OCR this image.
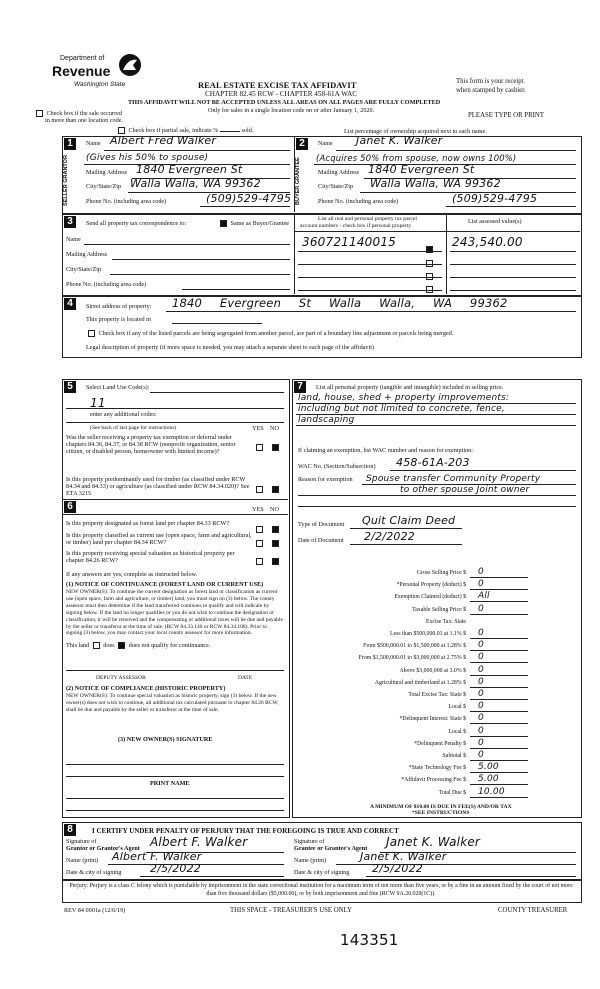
Department of
Revenue
Washington State	REAL ESTATE EXCISE TAX AFFIDAVIT
CHAPTER 82.45 RCW - CHAPTER 458-61A WAC
This form is your receipt
when stamped by cashier.
THIS AFFIDAVIT WILL NOT BE ACCEPTED UNLESS ALL AREAS ON ALL PAGES ARE FULLY COMPLETED
Only for sales in a single location code on or after January 1, 2020.
PLEASE TYPE OR PRINT
Check box if the sale occurred
in more than one location code.
Check box if partial sale, indicate %	sold.	List percentage of ownership acquired next to each name.
1
SELLER GRANTOR
Name Albert Fred Walker
(Gives his 50% to spouse)
Mailing Address 1840 Evergreen St
City/State/Zip Walla Walla, WA 99362
Phone No. (including area code)	(509)529-4795
2
BUYER GRANTEE
Name Janet K. Walker
(Acquires 50% from spouse, now owns 100%)
Mailing Address 1840 Evergreen St
City/State/Zip Walla Walla, WA 99362
Phone No. (including area code)	(509)529-4795
3	Send all property tax correspondence to:	Same as Buyer/Grantee
List all real and personal property tax parcel
account numbers - check box if personal property
List assessed value(s)
360721140015	243,540.00
Name
Mailing Address
City/State/Zip
Phone No. (including area code)
4	Street address of property: 1840 Evergreen St Walla Walla, WA 99362
This property is located in
Check box if any of the listed parcels are being segregated from another parcel, are part of a boundary line adjustment or parcels being merged.
Legal description of property (if more space is needed, you may attach a separate sheet to each page of the affidavit)
5	Select Land Use Code(s):
11
enter any additional codes:
(See back of last page for instructions)	YES NO
Was the seller receiving a property tax exemption or deferral under chapters 84.36, 84.37, or 84.38 RCW (nonprofit organization, senior citizen, or disabled person, homeowner with limited income)?
Is this property predominantly used for timber (as classified under RCW 84.34 and 84.33) or agriculture (as classified under RCW 84.34.020)? See ETA 3215
6	YES NO
Is this property designated as forest land per chapter 84.33 RCW?
Is this property classified as current use (open space, farm and agricultural, or timber) land per chapter 84.34 RCW?
Is this property receiving special valuation as historical property per chapter 84.26 RCW?
If any answers are yes, complete as instructed below.
(1) NOTICE OF CONTINUANCE (FOREST LAND OR CURRENT USE)
NEW OWNER(S): To continue the current designation as forest land or classification as current use (open space, farm and agriculture, or timber) land, you must sign on (3) below. The county assessor must then determine if the land transferred continues to qualify and will indicate by signing below. If the land no longer qualifies or you do not wish to continue the designation or classification, it will be removed and the compensating or additional taxes will be due and payable by the seller or transferor at the time of sale. (RCW 84.33.140 or RCW 84.34.108). Prior to signing (3) below, you may contact your local county assessor for more information.
This land does does not qualify for continuance.
DEPUTY ASSESSOR	DATE
(2) NOTICE OF COMPLIANCE (HISTORIC PROPERTY)
NEW OWNER(S): To continue special valuation as historic property, sign (3) below. If the new owner(s) does not wish to continue, all additional tax calculated pursuant to chapter 84.26 RCW, shall be due and payable by the seller or transferor at the time of sale.
(3) NEW OWNER(S) SIGNATURE
PRINT NAME
7	List all personal property (tangible and intangible) included in selling price.
land, house, shed + property improvements:
including but not limited to concrete, fence,
landscaping
If claiming an exemption, list WAC number and reason for exemption:
WAC No. (Section/Subsection) 458-61A-203
Reason for exemption Spouse transfer Community Property
to other spouse Joint owner
Type of Document Quit Claim Deed
Date of Document 2/2/2022
Gross Selling Price $ 0
*Personal Property (deduct) $ 0
Exemption Claimed (deduct) $ All
Taxable Selling Price $ 0
Excise Tax: State
Less than $500,000.01 at 1.1% $ 0
From $500,000.01 to $1,500,000 at 1.28% $ 0
From $1,500,000.01 to $3,000,000 at 2.75% $ 0
Above $3,000,000 at 3.0% $ 0
Agricultural and timberland at 1.28% $ 0
Total Excise Tax: State $ 0
Local $ 0
*Delinquent Interest: State $ 0
Local $ 0
*Delinquent Penalty $ 0
Subtotal $ 0
*State Technology Fee $ 5.00
*Affidavit Processing Fee $ 5.00
Total Due $ 10.00
A MINIMUM OF $10.00 IS DUE IN FEE(S) AND/OR TAX
*SEE INSTRUCTIONS
8	I CERTIFY UNDER PENALTY OF PERJURY THAT THE FOREGOING IS TRUE AND CORRECT
Signature of
Grantor or Grantor's Agent Albert F. Walker
Name (print) Albert F. Walker
Date & city of signing	2/5/2022
Signature of
Grantee or Grantee's Agent Janet K. Walker
Name (print)	Janet K. Walker
Date & city of signing 2/5/2022
Perjury: Perjury is a class C felony which is punishable by imprisonment in the state correctional institution for a maximum term of not more than five years, or by a fine in an amount fixed by the court of not more than five thousand dollars ($5,000.00), or by both imprisonment and fine (RCW 9A.20.020(1C)).
REV 84 0001a (12/6/19)	THIS SPACE - TREASURER'S USE ONLY	COUNTY TREASURER
143351
